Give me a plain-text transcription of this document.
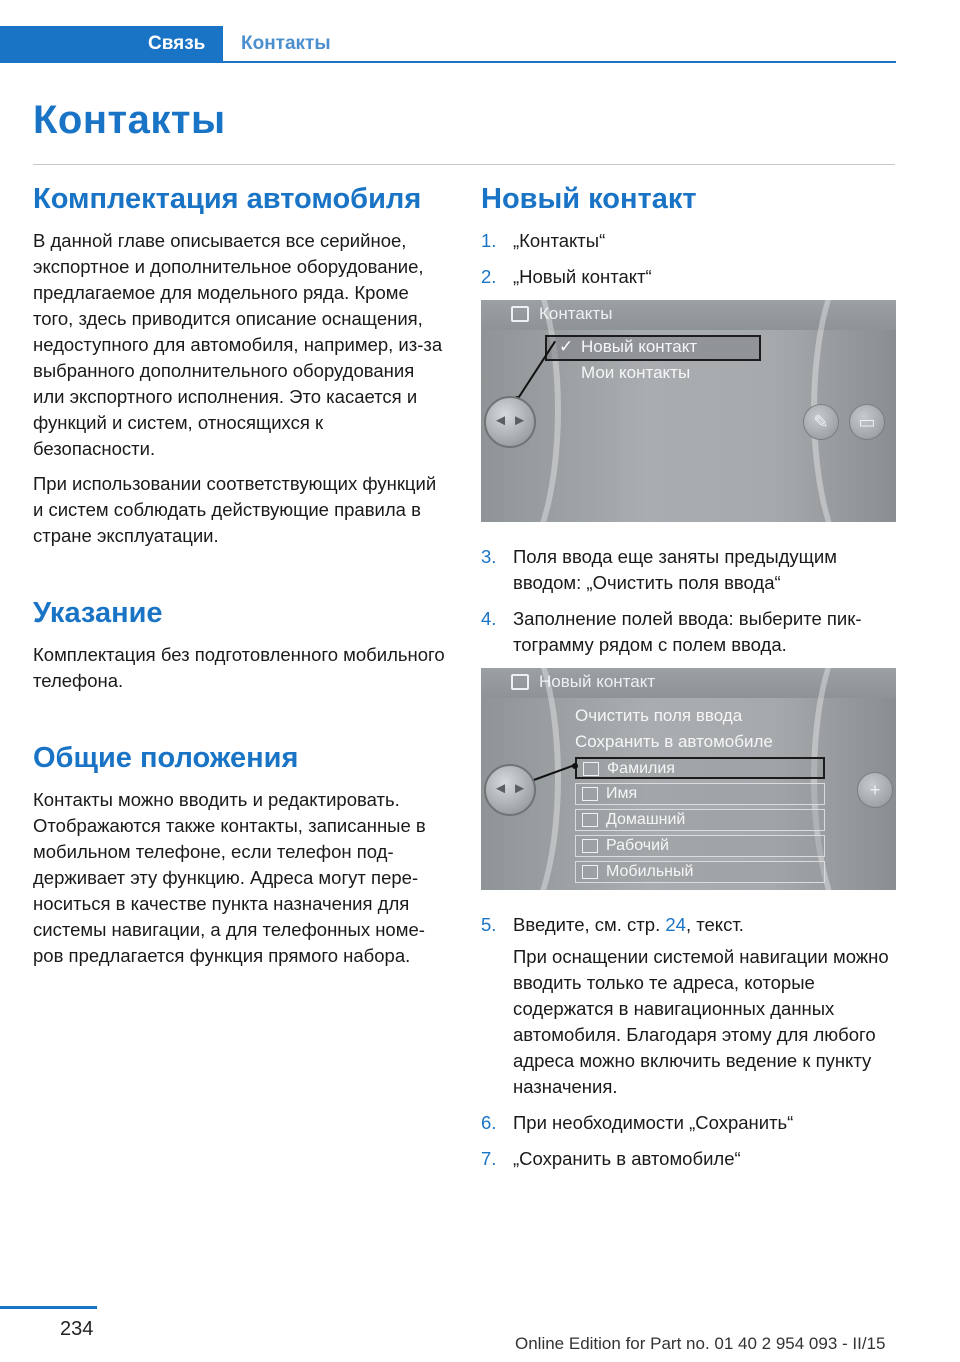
Связь	Контакты
Контакты
Комплектация автомобиля

В данной главе описывается все серийное, экспортное и дополнительное оборудование, предлагаемое для модельного ряда. Кроме того, здесь приводится описание оснащения, недоступного для автомобиля, например, из-за выбранного дополнительного оборудования или экспортного исполнения. Это касается и функций и систем, относящихся к безопасности.

При использовании соответствующих функций и систем соблюдать действующие правила в стране эксплуатации.

Указание

Комплектация без подготовленного мобильного телефона.

Общие положения

Контакты можно вводить и редактировать. Отображаются также контакты, записанные в мобильном телефоне, если телефон поддерживает эту функцию. Адреса могут переноситься в качестве пункта назначения для системы навигации, а для телефонных номеров предлагается функция прямого набора.

Новый контакт
1. „Контакты“
2. „Новый контакт“
Контакты
✓ Новый контакт
Мои контакты
◄ ►	✎	▭
3. Поля ввода еще заняты предыдущим вводом: „Очистить поля ввода“
4. Заполнение полей ввода: выберите пиктограмму рядом с полем ввода.
Новый контакт
Очистить поля ввода
Сохранить в автомобиле
Фамилия
Имя
Домашний
Рабочий
Мобильный
◄ ►	+
5. Введите, см. стр. 24, текст.
При оснащении системой навигации можно вводить только те адреса, которые содержатся в навигационных данных автомобиля. Благодаря этому для любого адреса можно включить ведение к пункту назначения.
6. При необходимости „Сохранить“
7. „Сохранить в автомобиле“
234
Online Edition for Part no. 01 40 2 954 093 - II/15
